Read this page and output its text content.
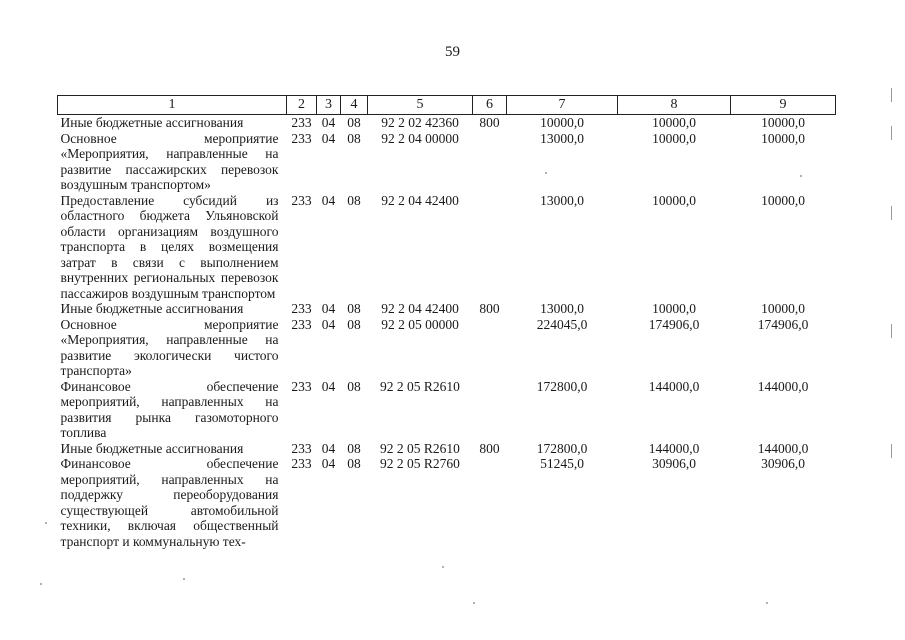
59
1	2	3	4	5	6	7	8	9
Иные бюджетные ассигнования	233	04	08	92 2 02 42360	800	10000,0	10000,0	10000,0
Основное мероприятие «Мероприятия, направленные на развитие пассажирских перевозок воздушным транспортом»	233	04	08	92 2 04 00000		13000,0	10000,0	10000,0
Предоставление субсидий из областного бюджета Ульяновской области организациям воздушного транспорта в целях возмещения затрат в связи с выполнением внутренних региональных перевозок пассажиров воздушным транспортом	233	04	08	92 2 04 42400		13000,0	10000,0	10000,0
Иные бюджетные ассигнования	233	04	08	92 2 04 42400	800	13000,0	10000,0	10000,0
Основное мероприятие «Мероприятия, направленные на развитие экологически чистого транспорта»	233	04	08	92 2 05 00000		224045,0	174906,0	174906,0
Финансовое обеспечение мероприятий, направленных на развития рынка газомоторного топлива	233	04	08	92 2 05 R2610		172800,0	144000,0	144000,0
Иные бюджетные ассигнования	233	04	08	92 2 05 R2610	800	172800,0	144000,0	144000,0
Финансовое обеспечение мероприятий, направленных на поддержку переоборудования существующей автомобильной техники, включая общественный транспорт и коммунальную тех-	233	04	08	92 2 05 R2760		51245,0	30906,0	30906,0
